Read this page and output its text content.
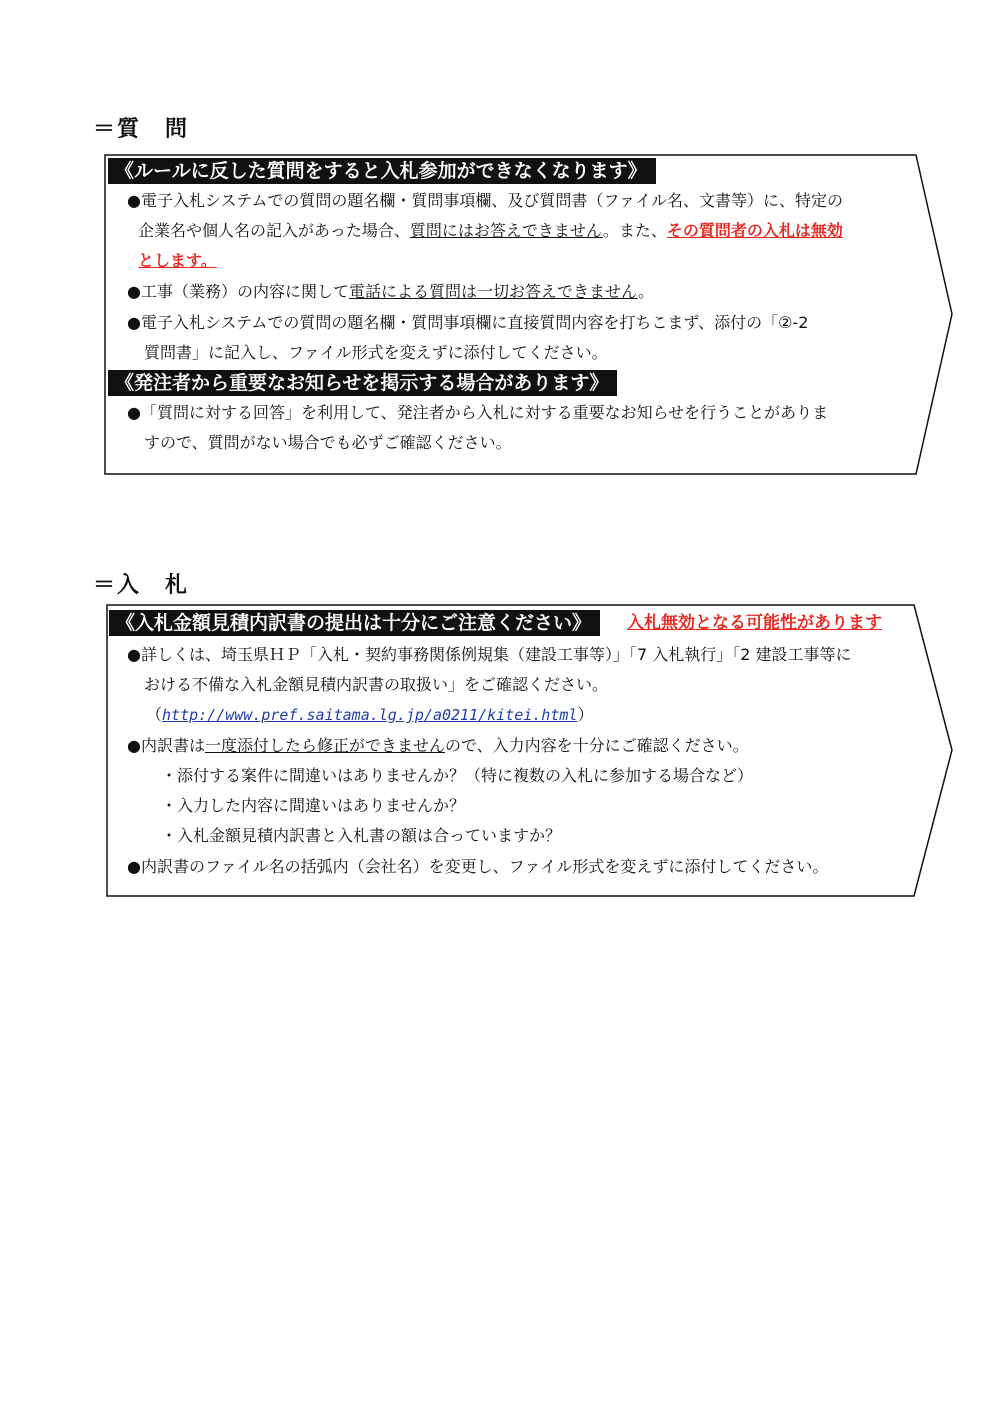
＝質　問
《ルールに反した質問をすると入札参加ができなくなります》
●電子入札システムでの質問の題名欄・質問事項欄、及び質問書（ファイル名、文書等）に、特定の
企業名や個人名の記入があった場合、質問にはお答えできません。また、その質問者の入札は無効
とします。
●工事（業務）の内容に関して電話による質問は一切お答えできません。
●電子入札システムでの質問の題名欄・質問事項欄に直接質問内容を打ちこまず、添付の「②-2
質問書」に記入し、ファイル形式を変えずに添付してください。
《発注者から重要なお知らせを掲示する場合があります》
●「質問に対する回答」を利用して、発注者から入札に対する重要なお知らせを行うことがありま
すので、質問がない場合でも必ずご確認ください。
＝入　札
《入札金額見積内訳書の提出は十分にご注意ください》	入札無効となる可能性があります
●詳しくは、埼玉県ＨＰ「入札・契約事務関係例規集（建設工事等）」「7 入札執行」「2 建設工事等に
おける不備な入札金額見積内訳書の取扱い」をご確認ください。
（http://www.pref.saitama.lg.jp/a0211/kitei.html）
●内訳書は一度添付したら修正ができませんので、入力内容を十分にご確認ください。
・添付する案件に間違いはありませんか？（特に複数の入札に参加する場合など）
・入力した内容に間違いはありませんか？
・入札金額見積内訳書と入札書の額は合っていますか？
●内訳書のファイル名の括弧内（会社名）を変更し、ファイル形式を変えずに添付してください。
